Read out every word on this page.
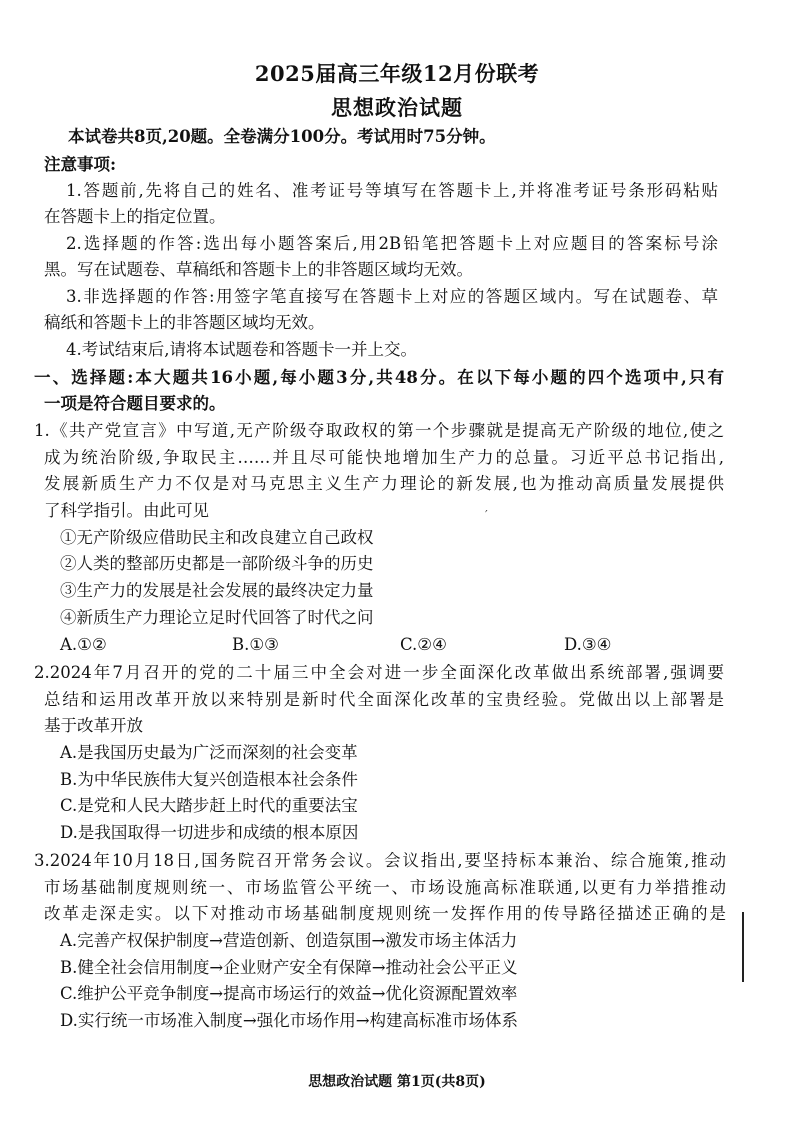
2025届高三年级12月份联考
思想政治试题
本试卷共8页,20题。全卷满分100分。考试用时75分钟。
注意事项:
1.答题前,先将自己的姓名、准考证号等填写在答题卡上,并将准考证号条形码粘贴
在答题卡上的指定位置。
2.选择题的作答:选出每小题答案后,用2B铅笔把答题卡上对应题目的答案标号涂
黑。写在试题卷、草稿纸和答题卡上的非答题区域均无效。
3.非选择题的作答:用签字笔直接写在答题卡上对应的答题区域内。写在试题卷、草
稿纸和答题卡上的非答题区域均无效。
4.考试结束后,请将本试题卷和答题卡一并上交。
一、选择题:本大题共16小题,每小题3分,共48分。在以下每小题的四个选项中,只有
一项是符合题目要求的。
1.《共产党宣言》中写道,无产阶级夺取政权的第一个步骤就是提高无产阶级的地位,使之
成为统治阶级,争取民主……并且尽可能快地增加生产力的总量。习近平总书记指出,
发展新质生产力不仅是对马克思主义生产力理论的新发展,也为推动高质量发展提供
了科学指引。由此可见	′
①无产阶级应借助民主和改良建立自己政权
②人类的整部历史都是一部阶级斗争的历史
③生产力的发展是社会发展的最终决定力量
④新质生产力理论立足时代回答了时代之问
A.①②	B.①③	C.②④	D.③④
2.2024年7月召开的党的二十届三中全会对进一步全面深化改革做出系统部署,强调要
总结和运用改革开放以来特别是新时代全面深化改革的宝贵经验。党做出以上部署是
基于改革开放
A.是我国历史最为广泛而深刻的社会变革
B.为中华民族伟大复兴创造根本社会条件
C.是党和人民大踏步赶上时代的重要法宝
D.是我国取得一切进步和成绩的根本原因
3.2024年10月18日,国务院召开常务会议。会议指出,要坚持标本兼治、综合施策,推动
市场基础制度规则统一、市场监管公平统一、市场设施高标准联通,以更有力举措推动
改革走深走实。以下对推动市场基础制度规则统一发挥作用的传导路径描述正确的是
A.完善产权保护制度→营造创新、创造氛围→激发市场主体活力
B.健全社会信用制度→企业财产安全有保障→推动社会公平正义
C.维护公平竞争制度→提高市场运行的效益→优化资源配置效率
D.实行统一市场准入制度→强化市场作用→构建高标准市场体系
思想政治试题 第1页(共8页)
